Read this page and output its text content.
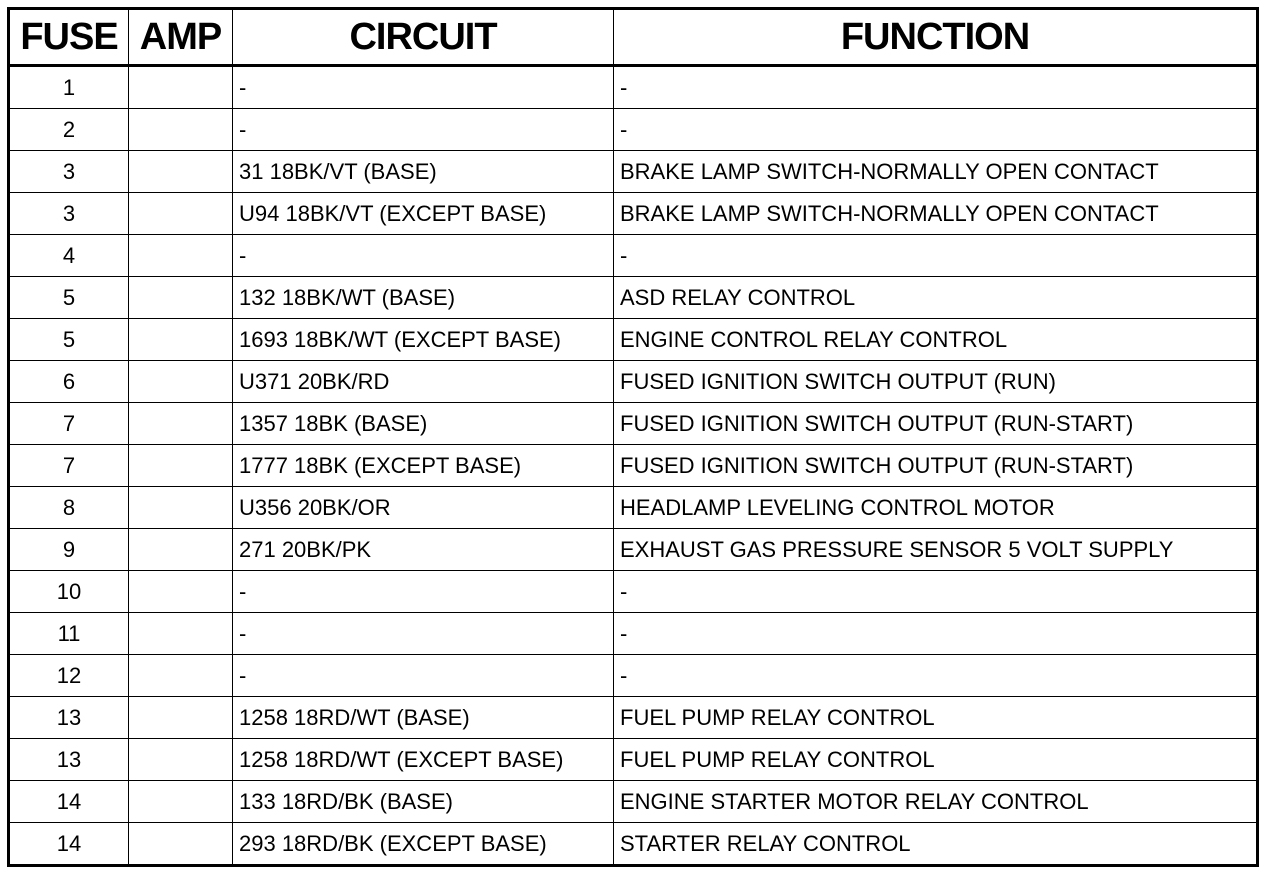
FUSE	AMP	CIRCUIT	FUNCTION
1		-	-
2		-	-
3		31 18BK/VT (BASE)	BRAKE LAMP SWITCH-NORMALLY OPEN CONTACT
3		U94 18BK/VT (EXCEPT BASE)	BRAKE LAMP SWITCH-NORMALLY OPEN CONTACT
4		-	-
5		132 18BK/WT (BASE)	ASD RELAY CONTROL
5		1693 18BK/WT (EXCEPT BASE)	ENGINE CONTROL RELAY CONTROL
6		U371 20BK/RD	FUSED IGNITION SWITCH OUTPUT (RUN)
7		1357 18BK (BASE)	FUSED IGNITION SWITCH OUTPUT (RUN-START)
7		1777 18BK (EXCEPT BASE)	FUSED IGNITION SWITCH OUTPUT (RUN-START)
8		U356 20BK/OR	HEADLAMP LEVELING CONTROL MOTOR
9		271 20BK/PK	EXHAUST GAS PRESSURE SENSOR 5 VOLT SUPPLY
10		-	-
11		-	-
12		-	-
13		1258 18RD/WT (BASE)	FUEL PUMP RELAY CONTROL
13		1258 18RD/WT (EXCEPT BASE)	FUEL PUMP RELAY CONTROL
14		133 18RD/BK (BASE)	ENGINE STARTER MOTOR RELAY CONTROL
14		293 18RD/BK (EXCEPT BASE)	STARTER RELAY CONTROL
